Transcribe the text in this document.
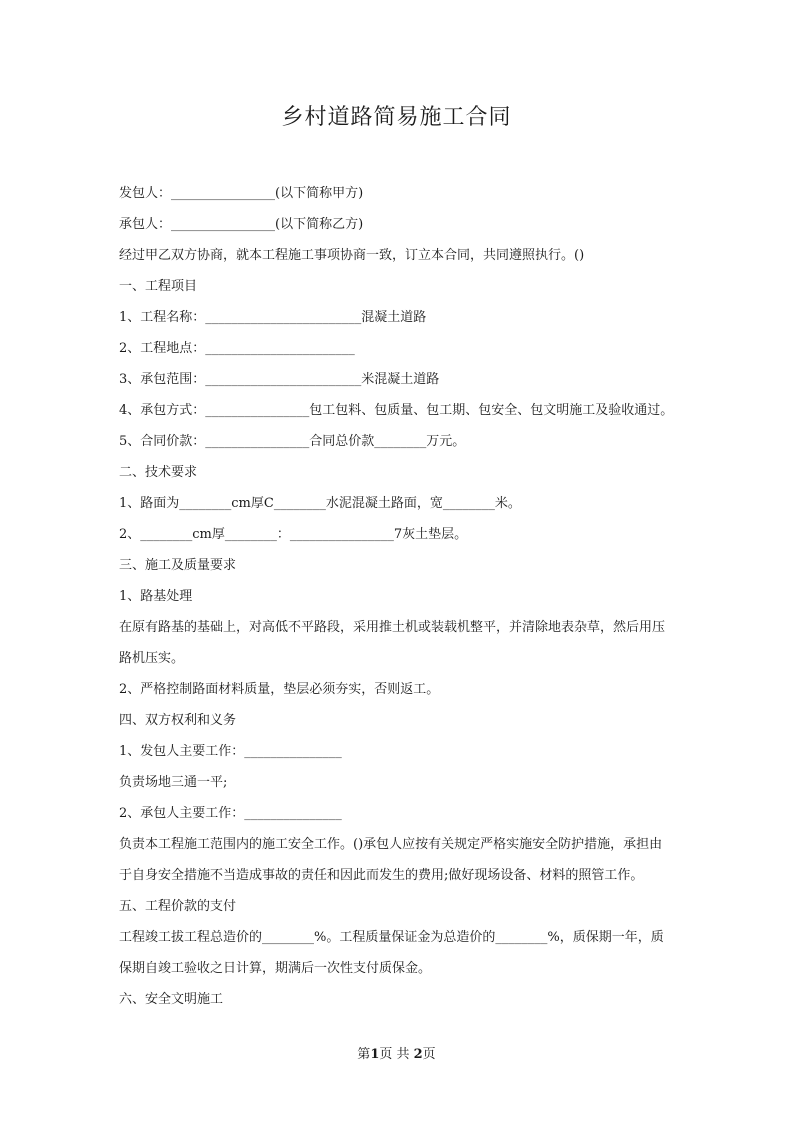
乡村道路简易施工合同
发包人：________________(以下简称甲方)
承包人：________________(以下简称乙方)
经过甲乙双方协商，就本工程施工事项协商一致，订立本合同，共同遵照执行。()
一、工程项目
1、工程名称：________________________混凝土道路
2、工程地点：_______________________
3、承包范围：________________________米混凝土道路
4、承包方式：________________包工包料、包质量、包工期、包安全、包文明施工及验收通过。
5、合同价款：________________合同总价款________万元。
二、技术要求
1、路面为________cm厚C________水泥混凝土路面，宽________米。
2、________cm厚________：________________7灰土垫层。
三、施工及质量要求
1、路基处理
在原有路基的基础上，对高低不平路段，采用推土机或装载机整平，并清除地表杂草，然后用压
路机压实。
2、严格控制路面材料质量，垫层必须夯实，否则返工。
四、双方权利和义务
1、发包人主要工作：_______________
负责场地三通一平;
2、承包人主要工作：_______________
负责本工程施工范围内的施工安全工作。()承包人应按有关规定严格实施安全防护措施，承担由
于自身安全措施不当造成事故的责任和因此而发生的费用;做好现场设备、材料的照管工作。
五、工程价款的支付
工程竣工拔工程总造价的________%。工程质量保证金为总造价的________%，质保期一年，质
保期自竣工验收之日计算，期满后一次性支付质保金。
六、安全文明施工
第1页 共 2页
